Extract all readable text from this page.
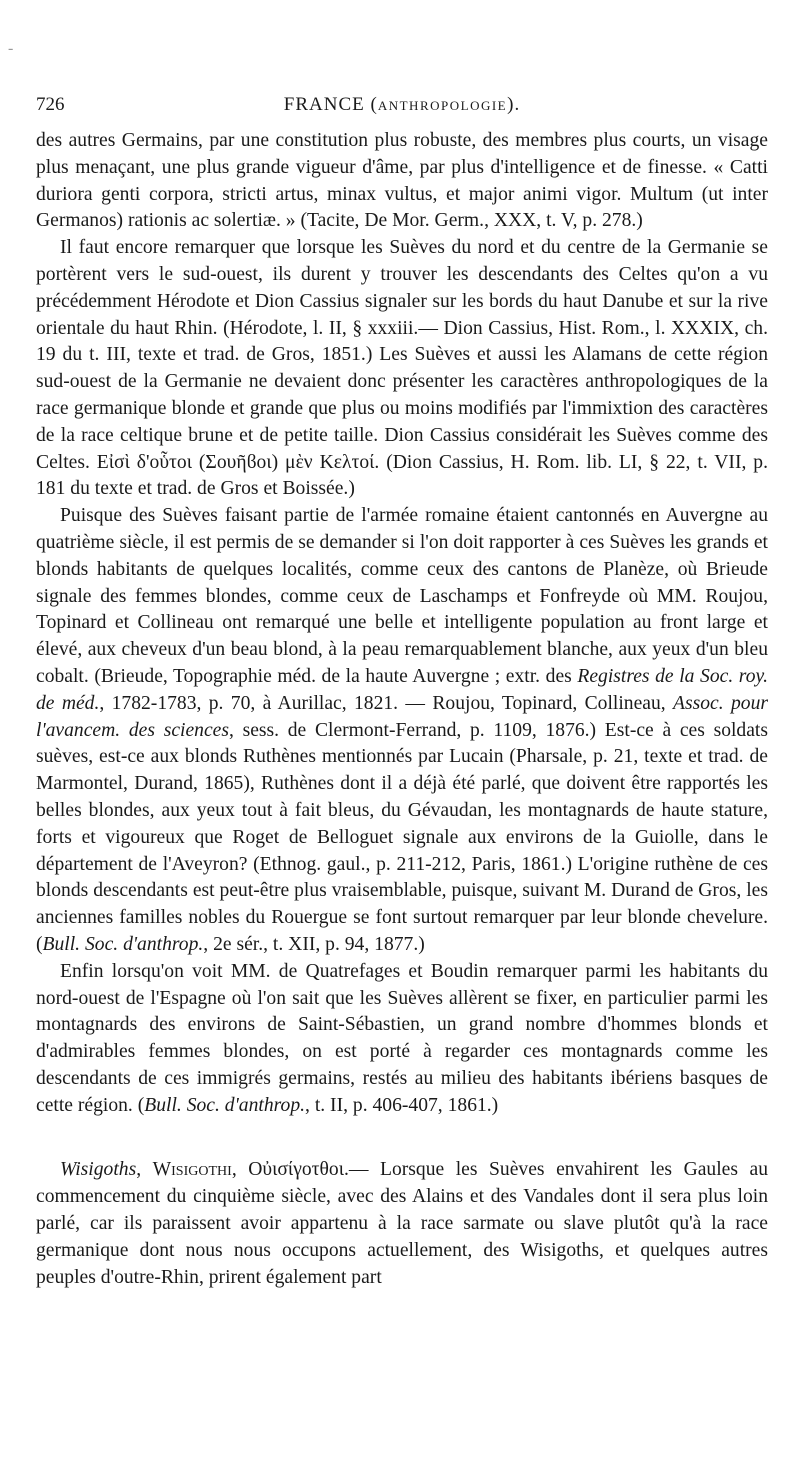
-
726	FRANCE (ANTHROPOLOGIE).

des autres Germains, par une constitution plus robuste, des membres plus courts, un visage plus menaçant, une plus grande vigueur d'âme, par plus d'intelligence et de finesse. « Catti duriora genti corpora, stricti artus, minax vultus, et major animi vigor. Multum (ut inter Germanos) rationis ac solertiæ. » (Tacite, De Mor. Germ., XXX, t. V, p. 278.)

Il faut encore remarquer que lorsque les Suèves du nord et du centre de la Germanie se portèrent vers le sud-ouest, ils durent y trouver les descendants des Celtes qu'on a vu précédemment Hérodote et Dion Cassius signaler sur les bords du haut Danube et sur la rive orientale du haut Rhin. (Hérodote, l. II, § xxxiii.— Dion Cassius, Hist. Rom., l. XXXIX, ch. 19 du t. III, texte et trad. de Gros, 1851.) Les Suèves et aussi les Alamans de cette région sud-ouest de la Germanie ne devaient donc présenter les caractères anthropologiques de la race germanique blonde et grande que plus ou moins modifiés par l'immixtion des caractères de la race celtique brune et de petite taille. Dion Cassius considérait les Suèves comme des Celtes. Εἰσὶ δ'οὗτοι (Σουῆϐοι) μὲν Κελτοί. (Dion Cassius, H. Rom. lib. LI, § 22, t. VII, p. 181 du texte et trad. de Gros et Boissée.)

Puisque des Suèves faisant partie de l'armée romaine étaient cantonnés en Auvergne au quatrième siècle, il est permis de se demander si l'on doit rapporter à ces Suèves les grands et blonds habitants de quelques localités, comme ceux des cantons de Planèze, où Brieude signale des femmes blondes, comme ceux de Laschamps et Fonfreyde où MM. Roujou, Topinard et Collineau ont remarqué une belle et intelligente population au front large et élevé, aux cheveux d'un beau blond, à la peau remarquablement blanche, aux yeux d'un bleu cobalt. (Brieude, Topographie méd. de la haute Auvergne ; extr. des Registres de la Soc. roy. de méd., 1782-1783, p. 70, à Aurillac, 1821. — Roujou, Topinard, Collineau, Assoc. pour l'avancem. des sciences, sess. de Clermont-Ferrand, p. 1109, 1876.) Est-ce à ces soldats suèves, est-ce aux blonds Ruthènes mentionnés par Lucain (Pharsale, p. 21, texte et trad. de Marmontel, Durand, 1865), Ruthènes dont il a déjà été parlé, que doivent être rapportés les belles blondes, aux yeux tout à fait bleus, du Gévaudan, les montagnards de haute stature, forts et vigoureux que Roget de Belloguet signale aux environs de la Guiolle, dans le département de l'Aveyron? (Ethnog. gaul., p. 211-212, Paris, 1861.) L'origine ruthène de ces blonds descendants est peut-être plus vraisemblable, puisque, suivant M. Durand de Gros, les anciennes familles nobles du Rouergue se font surtout remarquer par leur blonde chevelure. (Bull. Soc. d'anthrop., 2e sér., t. XII, p. 94, 1877.)

Enfin lorsqu'on voit MM. de Quatrefages et Boudin remarquer parmi les habitants du nord-ouest de l'Espagne où l'on sait que les Suèves allèrent se fixer, en particulier parmi les montagnards des environs de Saint-Sébastien, un grand nombre d'hommes blonds et d'admirables femmes blondes, on est porté à regarder ces montagnards comme les descendants de ces immigrés germains, restés au milieu des habitants ibériens basques de cette région. (Bull. Soc. d'anthrop., t. II, p. 406-407, 1861.)

Wisigoths, Wisigothi, Οὐισίγοτθοι.— Lorsque les Suèves envahirent les Gaules au commencement du cinquième siècle, avec des Alains et des Vandales dont il sera plus loin parlé, car ils paraissent avoir appartenu à la race sarmate ou slave plutôt qu'à la race germanique dont nous nous occupons actuellement, des Wisigoths, et quelques autres peuples d'outre-Rhin, prirent également part
